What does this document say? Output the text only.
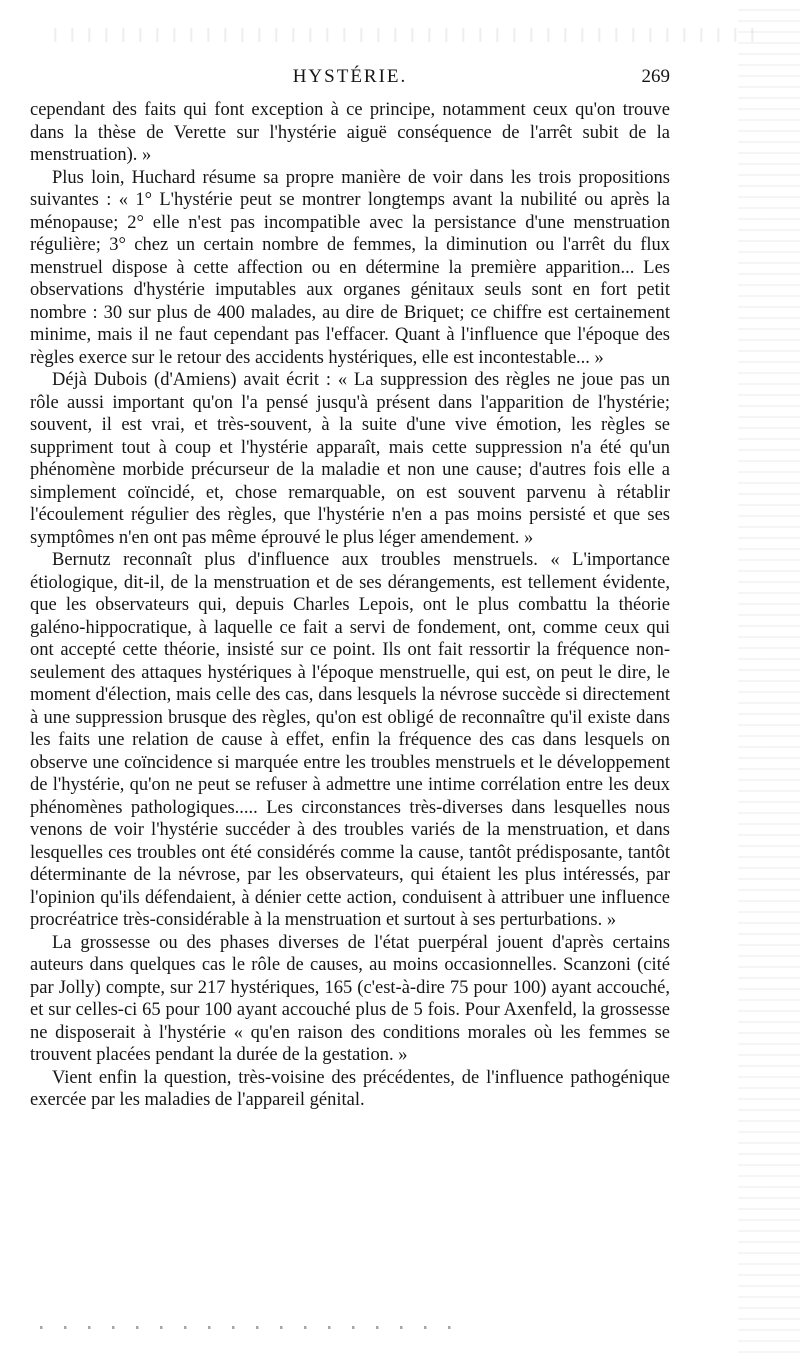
HYSTÉRIE.	269

cependant des faits qui font exception à ce principe, notamment ceux qu'on trouve dans la thèse de Verette sur l'hystérie aiguë conséquence de l'arrêt subit de la menstruation). »

Plus loin, Huchard résume sa propre manière de voir dans les trois propositions suivantes : « 1° L'hystérie peut se montrer longtemps avant la nubilité ou après la ménopause; 2° elle n'est pas incompatible avec la persistance d'une menstruation régulière; 3° chez un certain nombre de femmes, la diminution ou l'arrêt du flux menstruel dispose à cette affection ou en détermine la première apparition... Les observations d'hystérie imputables aux organes génitaux seuls sont en fort petit nombre : 30 sur plus de 400 malades, au dire de Briquet; ce chiffre est certainement minime, mais il ne faut cependant pas l'effacer. Quant à l'influence que l'époque des règles exerce sur le retour des accidents hystériques, elle est incontestable... »

Déjà Dubois (d'Amiens) avait écrit : « La suppression des règles ne joue pas un rôle aussi important qu'on l'a pensé jusqu'à présent dans l'apparition de l'hystérie; souvent, il est vrai, et très-souvent, à la suite d'une vive émotion, les règles se suppriment tout à coup et l'hystérie apparaît, mais cette suppression n'a été qu'un phénomène morbide précurseur de la maladie et non une cause; d'autres fois elle a simplement coïncidé, et, chose remarquable, on est souvent parvenu à rétablir l'écoulement régulier des règles, que l'hystérie n'en a pas moins persisté et que ses symptômes n'en ont pas même éprouvé le plus léger amendement. »

Bernutz reconnaît plus d'influence aux troubles menstruels. « L'importance étiologique, dit-il, de la menstruation et de ses dérangements, est tellement évidente, que les observateurs qui, depuis Charles Lepois, ont le plus combattu la théorie galéno-hippocratique, à laquelle ce fait a servi de fondement, ont, comme ceux qui ont accepté cette théorie, insisté sur ce point. Ils ont fait ressortir la fréquence non-seulement des attaques hystériques à l'époque menstruelle, qui est, on peut le dire, le moment d'élection, mais celle des cas, dans lesquels la névrose succède si directement à une suppression brusque des règles, qu'on est obligé de reconnaître qu'il existe dans les faits une relation de cause à effet, enfin la fréquence des cas dans lesquels on observe une coïncidence si marquée entre les troubles menstruels et le développement de l'hystérie, qu'on ne peut se refuser à admettre une intime corrélation entre les deux phénomènes pathologiques..... Les circonstances très-diverses dans lesquelles nous venons de voir l'hystérie succéder à des troubles variés de la menstruation, et dans lesquelles ces troubles ont été considérés comme la cause, tantôt prédisposante, tantôt déterminante de la névrose, par les observateurs, qui étaient les plus intéressés, par l'opinion qu'ils défendaient, à dénier cette action, conduisent à attribuer une influence procréatrice très-considérable à la menstruation et surtout à ses perturbations. »

La grossesse ou des phases diverses de l'état puerpéral jouent d'après certains auteurs dans quelques cas le rôle de causes, au moins occasionnelles. Scanzoni (cité par Jolly) compte, sur 217 hystériques, 165 (c'est-à-dire 75 pour 100) ayant accouché, et sur celles-ci 65 pour 100 ayant accouché plus de 5 fois. Pour Axenfeld, la grossesse ne disposerait à l'hystérie « qu'en raison des conditions morales où les femmes se trouvent placées pendant la durée de la gestation. »

Vient enfin la question, très-voisine des précédentes, de l'influence pathogénique exercée par les maladies de l'appareil génital.
